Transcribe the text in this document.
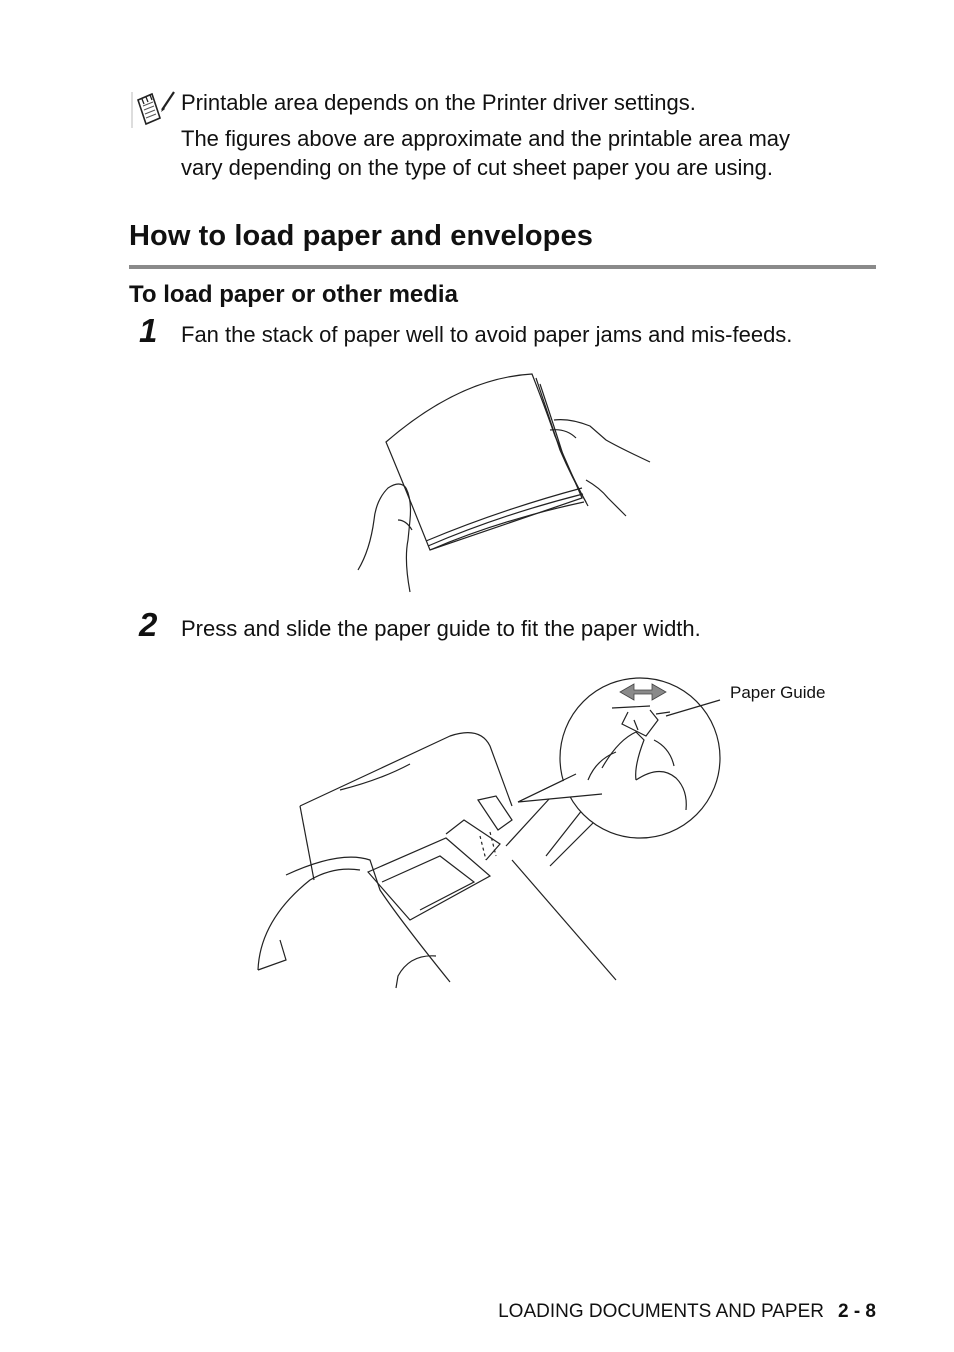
Printable area depends on the Printer driver settings.

The figures above are approximate and the printable area may

vary depending on the type of cut sheet paper you are using.

How to load paper and envelopes
To load paper or other media

1 Fan the stack of paper well to avoid paper jams and mis-feeds.

2 Press and slide the paper guide to fit the paper width.

Paper Guide

LOADING DOCUMENTS AND PAPER 2 - 8
